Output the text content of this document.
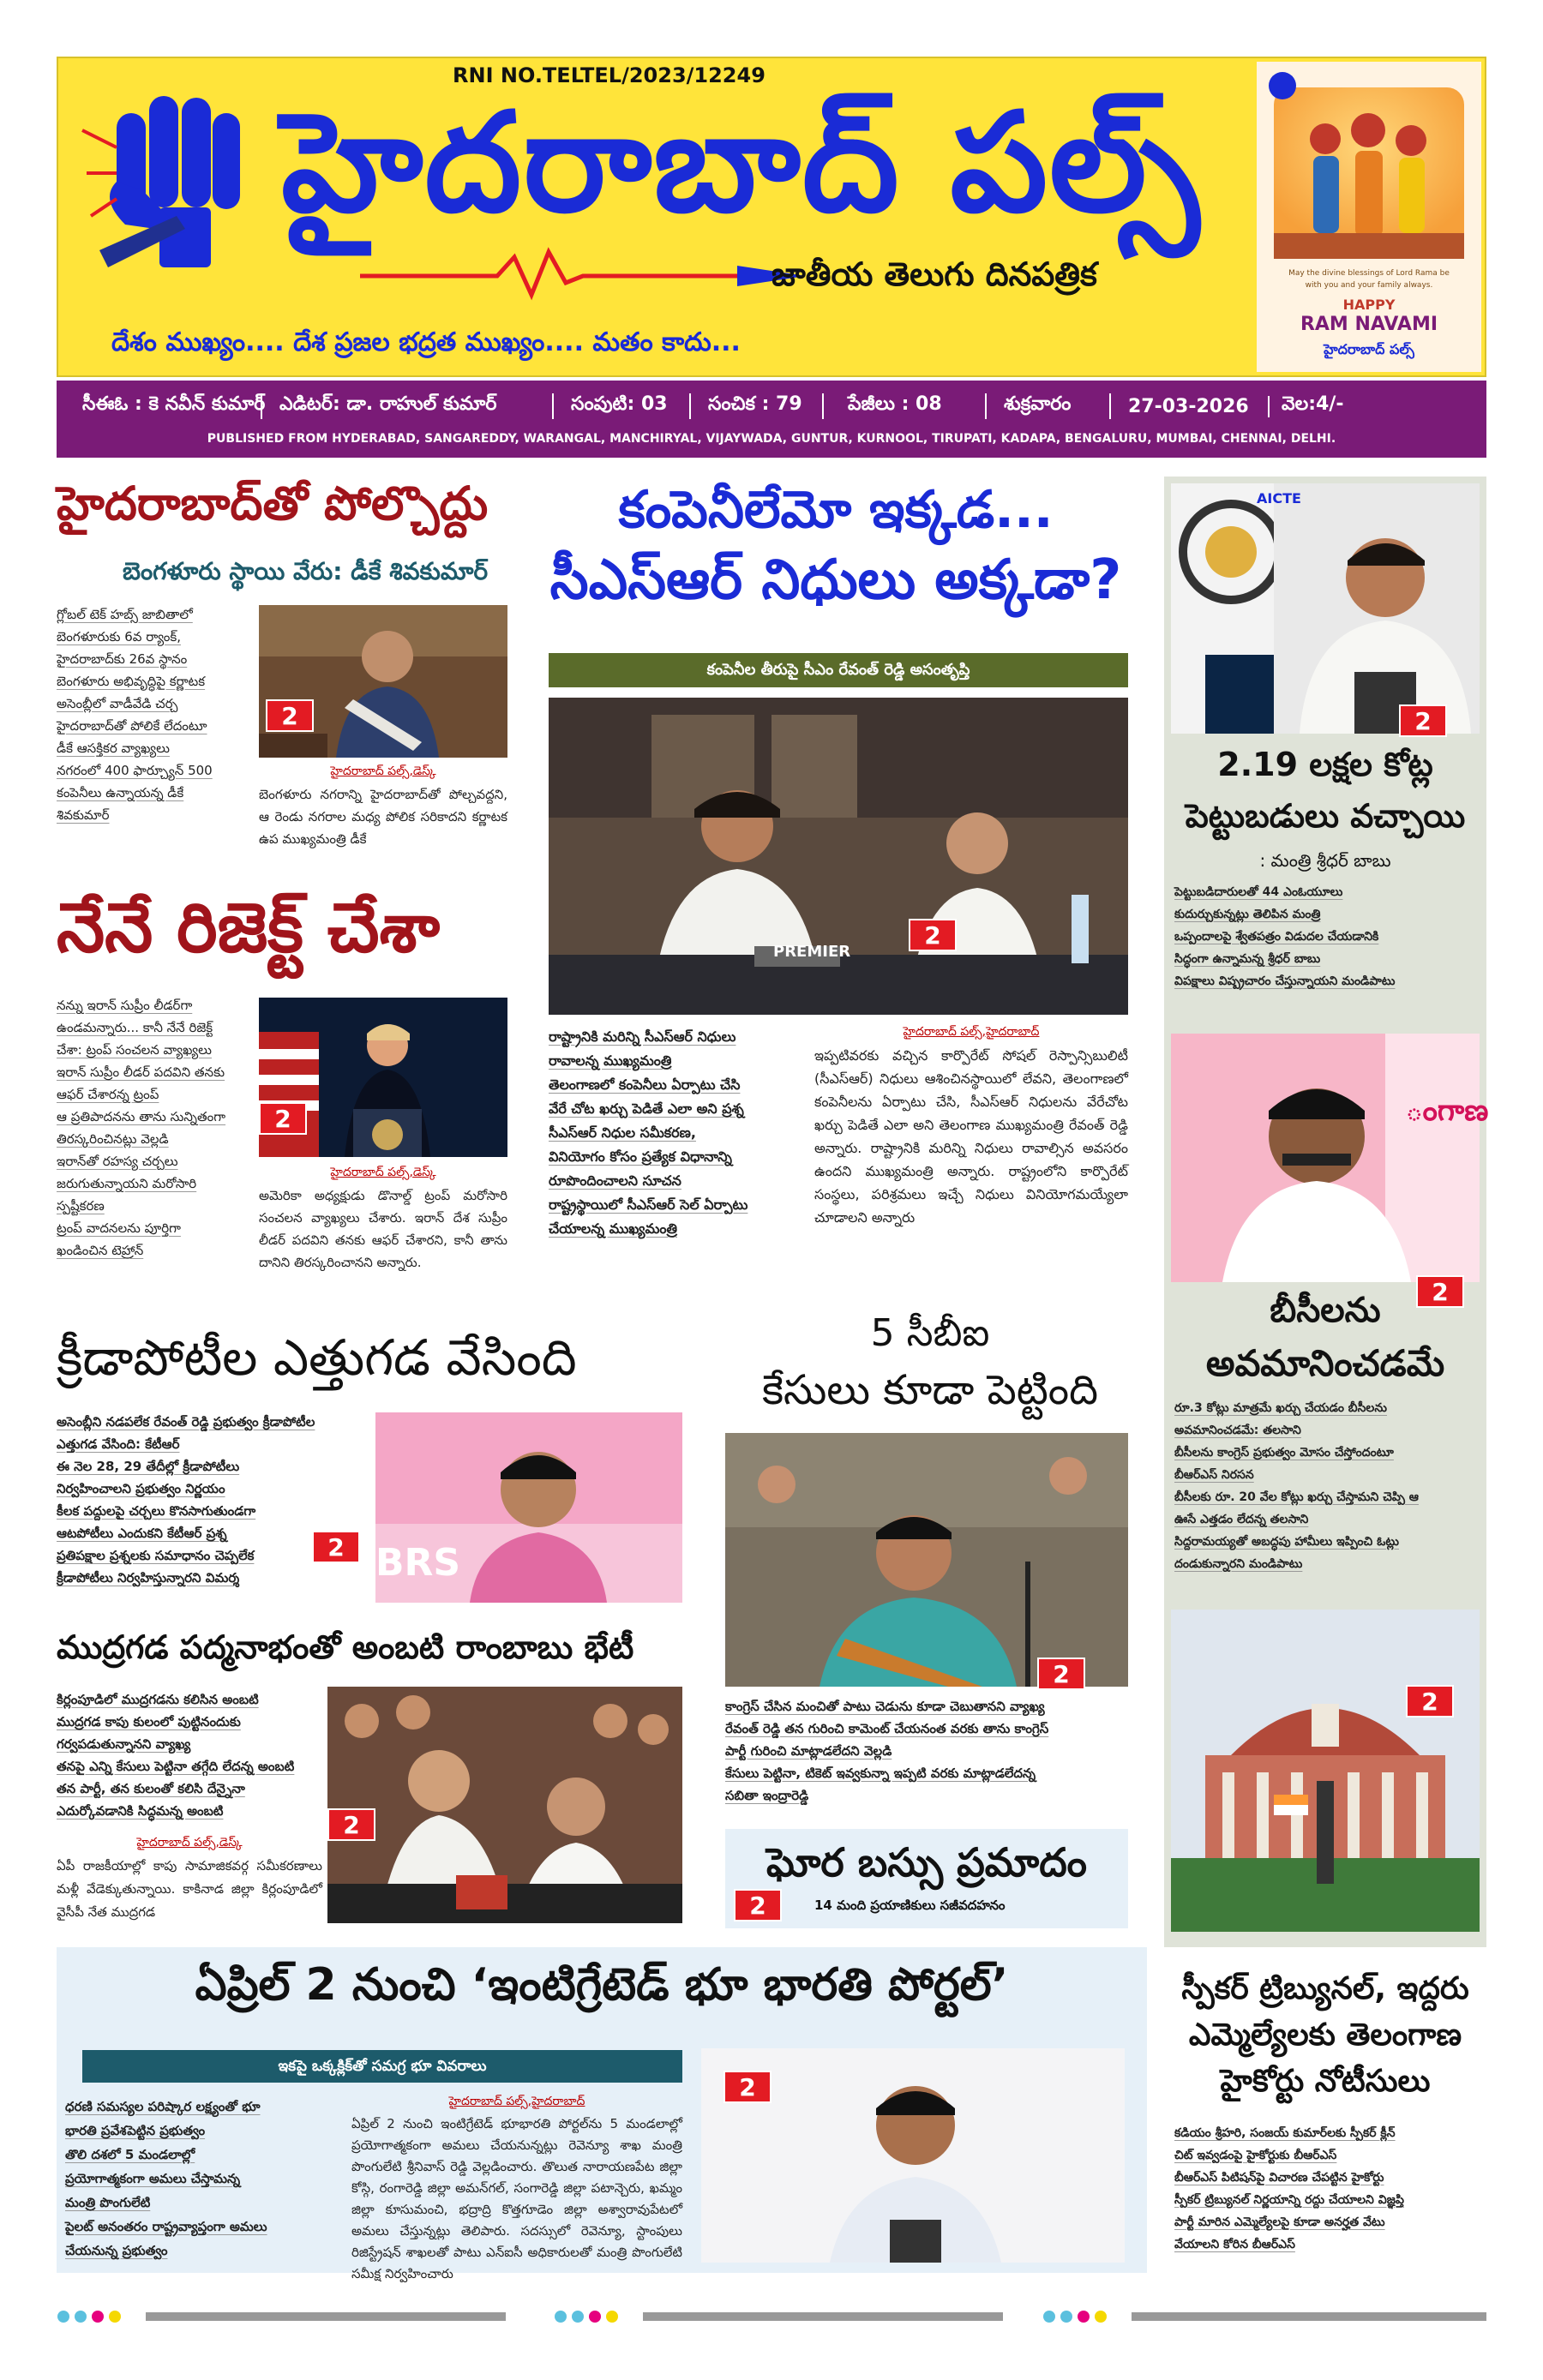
RNI NO.TELTEL/2023/12249
హైదరాబాద్ పల్స్
జాతీయ తెలుగు దినపత్రిక
దేశం ముఖ్యం.... దేశ ప్రజల భద్రత ముఖ్యం.... మతం కాదు...
May the divine blessings of Lord Rama be
with you and your family always.
HAPPY
RAM NAVAMI
హైదరాబాద్ పల్స్
సీఈఓ : కె నవీన్ కుమార్ ఎడిటర్: డా. రాహుల్ కుమార్	సంపుటి: 03	సంచిక : 79	పేజీలు : 08	శుక్రవారం	27-03-2026	వెల:4/-
PUBLISHED FROM HYDERABAD, SANGAREDDY, WARANGAL, MANCHIRYAL, VIJAYWADA, GUNTUR, KURNOOL, TIRUPATI, KADAPA, BENGALURU, MUMBAI, CHENNAI, DELHI.
హైదరాబాద్‌తో పోల్చొద్దు
బెంగళూరు స్థాయి వేరు: డీకే శివకుమార్

గ్లోబల్ టెక్ హబ్స్ జాబితాలో

బెంగళూరుకు 6వ ర్యాంక్,

హైదరాబాద్‌కు 26వ స్థానం

బెంగళూరు అభివృద్ధిపై కర్ణాటక

అసెంబ్లీలో వాడీవేడి చర్చ

హైదరాబాద్‌తో పోలికే లేదంటూ

డీకే ఆసక్తికర వ్యాఖ్యలు

నగరంలో 400 ఫార్చ్యూన్ 500

కంపెనీలు ఉన్నాయన్న డీకే

శివకుమార్

2
హైదరాబాద్ పల్స్,డెస్క్
బెంగళూరు నగరాన్ని హైదరాబాద్‌తో పోల్చవద్దని, ఆ రెండు నగరాల మధ్య పోలిక సరికాదని కర్ణాటక ఉప ముఖ్యమంత్రి డీకే
నేనే రిజెక్ట్ చేశా

నన్ను ఇరాన్ సుప్రీం లీడర్‌గా

ఉండమన్నారు... కానీ నేనే రిజెక్ట్

చేశా: ట్రంప్ సంచలన వ్యాఖ్యలు

ఇరాన్ సుప్రీం లీడర్ పదవిని తనకు

ఆఫర్ చేశారన్న ట్రంప్

ఆ ప్రతిపాదనను తాను సున్నితంగా

తిరస్కరించినట్లు వెల్లడి

ఇరాన్‌తో రహస్య చర్చలు

జరుగుతున్నాయని మరోసారి

స్పష్టీకరణ

ట్రంప్ వాదనలను పూర్తిగా

ఖండించిన టెహ్రాన్

2
హైదరాబాద్ పల్స్,డెస్క్
అమెరికా అధ్యక్షుడు డొనాల్డ్ ట్రంప్ మరోసారి సంచలన వ్యాఖ్యలు చేశారు. ఇరాన్ దేశ సుప్రీం లీడర్ పదవిని తనకు ఆఫర్ చేశారని, కానీ తాను దానిని తిరస్కరించానని అన్నారు.
కంపెనీలేమో ఇక్కడ...
సీఎస్ఆర్ నిధులు అక్కడా?
కంపెనీల తీరుపై సీఎం రేవంత్ రెడ్డి అసంతృప్తి
PREMIER
2

రాష్ట్రానికి మరిన్ని సీఎస్ఆర్ నిధులు

రావాలన్న ముఖ్యమంత్రి

తెలంగాణలో కంపెనీలు ఏర్పాటు చేసి

వేరే చోట ఖర్చు పెడితే ఎలా అని ప్రశ్న

సీఎస్ఆర్ నిధుల సమీకరణ,

వినియోగం కోసం ప్రత్యేక విధానాన్ని

రూపొందించాలని సూచన

రాష్ట్రస్థాయిలో సీఎస్ఆర్ సెల్ ఏర్పాటు

చేయాలన్న ముఖ్యమంత్రి

హైదరాబాద్ పల్స్,హైదరాబాద్
ఇప్పటివరకు వచ్చిన కార్పొరేట్ సోషల్ రెస్పాన్సిబులిటీ (సీఎస్ఆర్) నిధులు ఆశించినస్థాయిలో లేవని, తెలంగాణలో కంపెనీలను ఏర్పాటు చేసి, సీఎస్ఆర్ నిధులను వేరేచోట ఖర్చు పెడితే ఎలా అని తెలంగాణ ముఖ్యమంత్రి రేవంత్ రెడ్డి అన్నారు. రాష్ట్రానికి మరిన్ని నిధులు రావాల్సిన అవసరం ఉందని ముఖ్యమంత్రి అన్నారు. రాష్ట్రంలోని కార్పొరేట్ సంస్థలు, పరిశ్రమలు ఇచ్చే నిధులు వినియోగమయ్యేలా చూడాలని అన్నారు
AICTE
2
2.19 లక్షల కోట్ల
పెట్టుబడులు వచ్చాయి
: మంత్రి శ్రీధర్ బాబు

పెట్టుబడిదారులతో 44 ఎంఓయూలు

కుదుర్చుకున్నట్లు తెలిపిన మంత్రి

ఒప్పందాలపై శ్వేతపత్రం విడుదల చేయడానికి

సిద్ధంగా ఉన్నామన్న శ్రీధర్ బాబు

విపక్షాలు విష్ప్రచారం చేస్తున్నాయని మండిపాటు

ంగాణ
2
బీసీలను
అవమానించడమే

రూ.3 కోట్లు మాత్రమే ఖర్చు చేయడం బీసీలను

అవమానించడమే: తలసాని

బీసీలను కాంగ్రెస్ ప్రభుత్వం మోసం చేస్తోందంటూ

బీఆర్ఎస్ నిరసన

బీసీలకు రూ. 20 వేల కోట్లు ఖర్చు చేస్తామని చెప్పి ఆ

ఊసే ఎత్తడం లేదన్న తలసాని

సిద్దరామయ్యతో అబద్ధపు హామీలు ఇప్పించి ఓట్లు

దండుకున్నారని మండిపాటు

2
స్పీకర్ ట్రిబ్యునల్, ఇద్దరు
ఎమ్మెల్యేలకు తెలంగాణ
హైకోర్టు నోటీసులు

కడియం శ్రీహరి, సంజయ్ కుమార్‌లకు స్పీకర్ క్లీన్

చిట్ ఇవ్వడంపై హైకోర్టుకు బీఆర్ఎస్

బీఆర్ఎస్ పిటిషన్‌పై విచారణ చేపట్టిన హైకోర్టు

స్పీకర్ ట్రిబ్యునల్ నిర్ణయాన్ని రద్దు చేయాలని విజ్ఞప్తి

పార్టీ మారిన ఎమ్మెల్యేలపై కూడా అనర్హత వేటు

వేయాలని కోరిన బీఆర్ఎస్

క్రీడాపోటీల ఎత్తుగడ వేసింది

అసెంబ్లీని నడపలేక రేవంత్ రెడ్డి ప్రభుత్వం క్రీడాపోటీల

ఎత్తుగడ వేసింది: కేటీఆర్

ఈ నెల 28, 29 తేదీల్లో క్రీడాపోటీలు

నిర్వహించాలని ప్రభుత్వం నిర్ణయం

కీలక పద్దులపై చర్చలు కొనసాగుతుండగా

ఆటపోటీలు ఎందుకని కేటీఆర్ ప్రశ్న

ప్రతిపక్షాల ప్రశ్నలకు సమాధానం చెప్పలేక

క్రీడాపోటీలు నిర్వహిస్తున్నారని విమర్శ

2 BRS
ముద్రగడ పద్మనాభంతో అంబటి రాంబాబు భేటీ

కిర్లంపూడిలో ముద్రగడను కలిసిన అంబటి

ముద్రగడ కాపు కులంలో పుట్టినందుకు

గర్వపడుతున్నానని వ్యాఖ్య

తనపై ఎన్ని కేసులు పెట్టినా తగ్గేది లేదన్న అంబటి

తన పార్టీ, తన కులంతో కలిసి దేన్నైనా

ఎదుర్కోవడానికి సిద్ధమన్న అంబటి	2
హైదరాబాద్ పల్స్,డెస్క్
ఏపీ రాజకీయాల్లో కాపు సామాజికవర్గ సమీకరణాలు మళ్లీ వేడెక్కుతున్నాయి. కాకినాడ జిల్లా కిర్లంపూడిలో వైసీపీ నేత ముద్రగడ
5 సీబీఐ
కేసులు కూడా పెట్టింది
2

కాంగ్రెస్ చేసిన మంచితో పాటు చెడును కూడా చెబుతానని వ్యాఖ్య

రేవంత్ రెడ్డి తన గురించి కామెంట్ చేయనంత వరకు తాను కాంగ్రెస్

పార్టీ గురించి మాట్లాడలేదని వెల్లడి

కేసులు పెట్టినా, టికెట్ ఇవ్వకున్నా ఇప్పటి వరకు మాట్లాడలేదన్న

సబితా ఇంద్రారెడ్డి

ఘోర బస్సు ప్రమాదం
2	14 మంది ప్రయాణికులు సజీవదహనం
ఏప్రిల్ 2 నుంచి ‘ఇంటిగ్రేటెడ్ భూ భారతి పోర్టల్’
ఇకపై ఒక్కక్లిక్‌తో సమగ్ర భూ వివరాలు

ధరణి సమస్యల పరిష్కార లక్ష్యంతో భూ

భారతి ప్రవేశపెట్టిన ప్రభుత్వం

తొలి దశలో 5 మండలాల్లో

ప్రయోగాత్మకంగా అమలు చేస్తామన్న

మంత్రి పొంగులేటి

పైలట్ అనంతరం రాష్ట్రవ్యాప్తంగా అమలు

చేయనున్న ప్రభుత్వం

హైదరాబాద్ పల్స్,హైదరాబాద్
ఏప్రిల్ 2 నుంచి ఇంటిగ్రేటెడ్ భూభారతి పోర్టల్‌ను 5 మండలాల్లో ప్రయోగాత్మకంగా అమలు చేయనున్నట్లు రెవెన్యూ శాఖ మంత్రి పొంగులేటి శ్రీనివాస్ రెడ్డి వెల్లడించారు. తొలుత నారాయణపేట జిల్లా కోస్గి, రంగారెడ్డి జిల్లా అమన్‌గల్, సంగారెడ్డి జిల్లా పటాన్చెరు, ఖమ్మం జిల్లా కూసుమంచి, భద్రాద్రి కొత్తగూడెం జిల్లా అశ్వారావుపేటలో అమలు చేస్తున్నట్లు తెలిపారు. సదస్సులో రెవెన్యూ, స్టాంపులు రిజిస్ట్రేషన్ శాఖలతో పాటు ఎన్ఐసీ అధికారులతో మంత్రి పొంగులేటి సమీక్ష నిర్వహించారు
2
